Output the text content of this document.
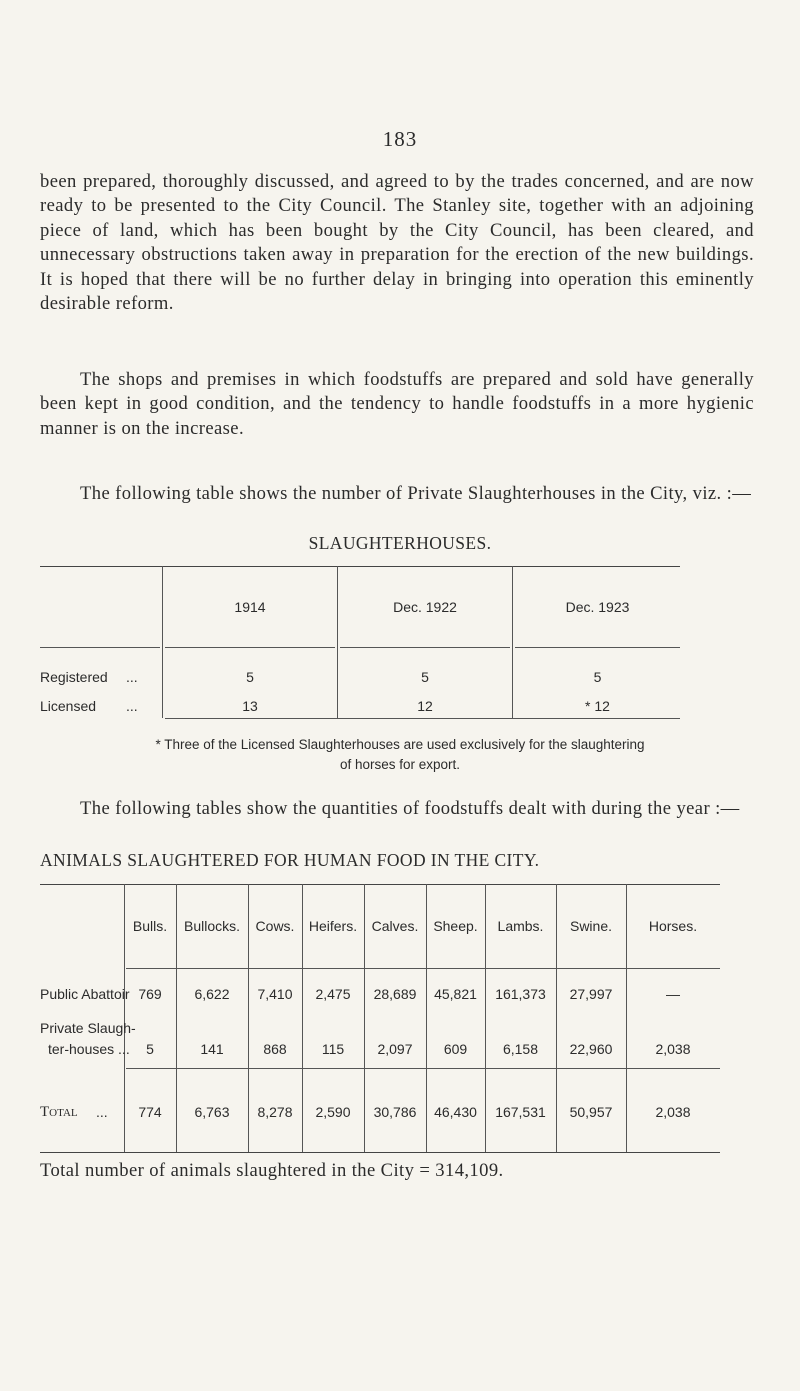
183
been prepared, thoroughly discussed, and agreed to by the trades concerned, and are now ready to be presented to the City Council. The Stanley site, together with an adjoining piece of land, which has been bought by the City Council, has been cleared, and unnecessary obstructions taken away in preparation for the erection of the new buildings. It is hoped that there will be no further delay in bringing into operation this eminently desirable reform.
The shops and premises in which foodstuffs are prepared and sold have generally been kept in good condition, and the tendency to handle foodstuffs in a more hygienic manner is on the increase.
The following table shows the number of Private Slaughterhouses in the City, viz. :—
SLAUGHTERHOUSES.
1914	Dec. 1922	Dec. 1923
Registered ...	5	5	5
Licensed ...	13	12	* 12
* Three of the Licensed Slaughterhouses are used exclusively for the slaughtering
of horses for export.
The following tables show the quantities of foodstuffs dealt with during the year :—
ANIMALS SLAUGHTERED FOR HUMAN FOOD IN THE CITY.
Bulls.	Bullocks.	Cows.	Heifers.	Calves.	Sheep.	Lambs.	Swine.	Horses.
Public Abattoir 769	6,622	7,410	2,475	28,689	45,821	161,373	27,997	—
Private Slaugh-
ter-houses ...	5	141	868	115	2,097	609	6,158	22,960	2,038
Total ...	774	6,763	8,278	2,590	30,786	46,430	167,531	50,957	2,038
Total number of animals slaughtered in the City = 314,109.
